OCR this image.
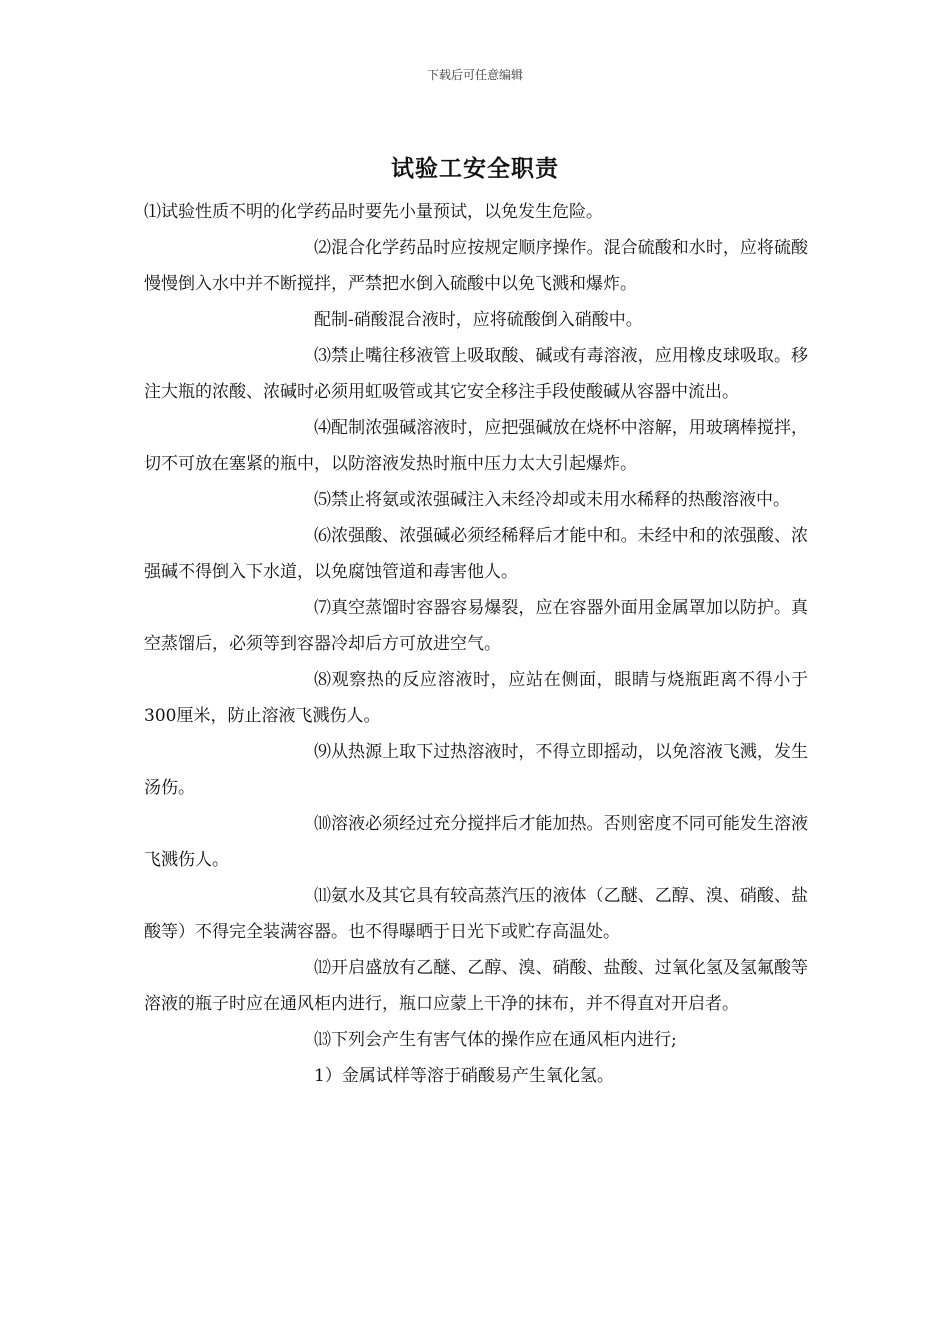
下载后可任意编辑
试验工安全职责

⑴试验性质不明的化学药品时要先小量预试，以免发生危险。

⑵混合化学药品时应按规定顺序操作。混合硫酸和水时，应将硫酸慢慢倒入水中并不断搅拌，严禁把水倒入硫酸中以免飞溅和爆炸。

配制-硝酸混合液时，应将硫酸倒入硝酸中。

⑶禁止嘴往移液管上吸取酸、碱或有毒溶液，应用橡皮球吸取。移注大瓶的浓酸、浓碱时必须用虹吸管或其它安全移注手段使酸碱从容器中流出。

⑷配制浓强碱溶液时，应把强碱放在烧杯中溶解，用玻璃棒搅拌，切不可放在塞紧的瓶中，以防溶液发热时瓶中压力太大引起爆炸。

⑸禁止将氨或浓强碱注入未经冷却或未用水稀释的热酸溶液中。

⑹浓强酸、浓强碱必须经稀释后才能中和。未经中和的浓强酸、浓强碱不得倒入下水道，以免腐蚀管道和毒害他人。

⑺真空蒸馏时容器容易爆裂，应在容器外面用金属罩加以防护。真空蒸馏后，必须等到容器冷却后方可放进空气。

⑻观察热的反应溶液时，应站在侧面，眼睛与烧瓶距离不得小于300厘米，防止溶液飞溅伤人。

⑼从热源上取下过热溶液时，不得立即摇动，以免溶液飞溅，发生汤伤。

⑽溶液必须经过充分搅拌后才能加热。否则密度不同可能发生溶液飞溅伤人。

⑾氨水及其它具有较高蒸汽压的液体（乙醚、乙醇、溴、硝酸、盐酸等）不得完全装满容器。也不得曝晒于日光下或贮存高温处。

⑿开启盛放有乙醚、乙醇、溴、硝酸、盐酸、过氧化氢及氢氟酸等溶液的瓶子时应在通风柜内进行，瓶口应蒙上干净的抹布，并不得直对开启者。

⒀下列会产生有害气体的操作应在通风柜内进行;

1）金属试样等溶于硝酸易产生氧化氢。
